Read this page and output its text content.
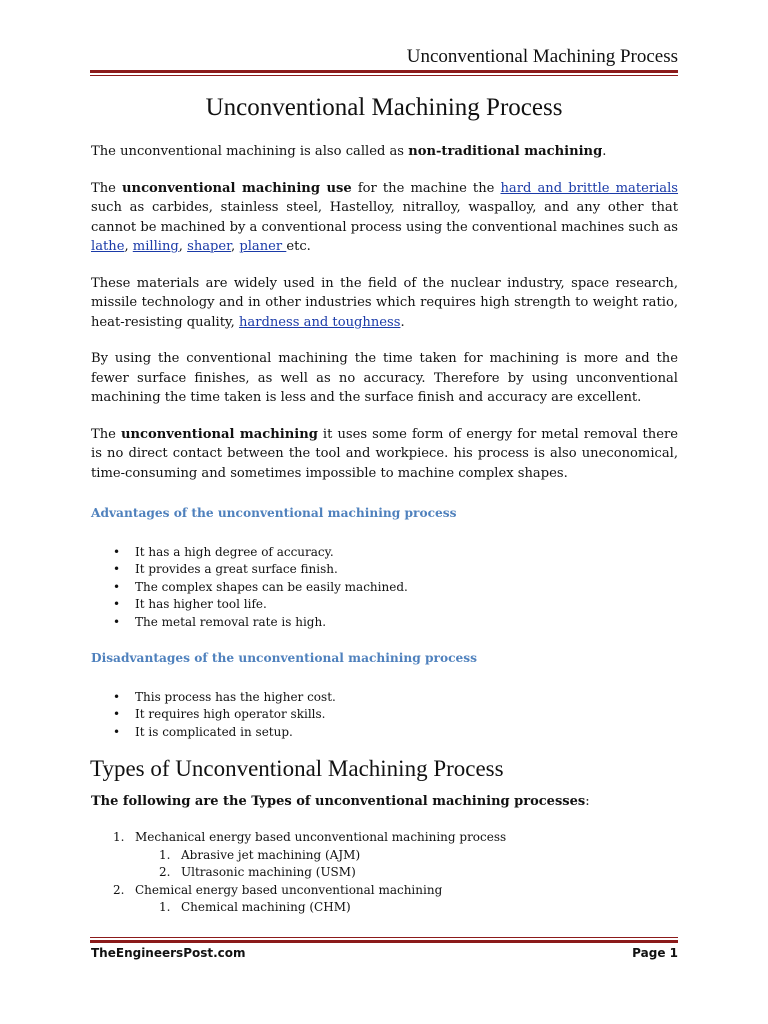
Unconventional Machining Process
Unconventional Machining Process

The unconventional machining is also called as non-traditional machining.

The unconventional machining use for the machine the hard and brittle materials such as carbides, stainless steel, Hastelloy, nitralloy, waspalloy, and any other that cannot be machined by a conventional process using the conventional machines such as lathe, milling, shaper, planer etc.

These materials are widely used in the field of the nuclear industry, space research, missile technology and in other industries which requires high strength to weight ratio, heat-resisting quality, hardness and toughness.

By using the conventional machining the time taken for machining is more and the fewer surface finishes, as well as no accuracy. Therefore by using unconventional machining the time taken is less and the surface finish and accuracy are excellent.

The unconventional machining it uses some form of energy for metal removal there is no direct contact between the tool and workpiece. his process is also uneconomical, time-consuming and sometimes impossible to machine complex shapes.

Advantages of the unconventional machining process
• It has a high degree of accuracy.
• It provides a great surface finish.
• The complex shapes can be easily machined.
• It has higher tool life.
• The metal removal rate is high.
Disadvantages of the unconventional machining process
• This process has the higher cost.
• It requires high operator skills.
• It is complicated in setup.
Types of Unconventional Machining Process
The following are the Types of unconventional machining processes:
1. Mechanical energy based unconventional machining process
1. Abrasive jet machining (AJM)
2. Ultrasonic machining (USM)
2. Chemical energy based unconventional machining
1. Chemical machining (CHM)
TheEngineersPost.com	Page 1
